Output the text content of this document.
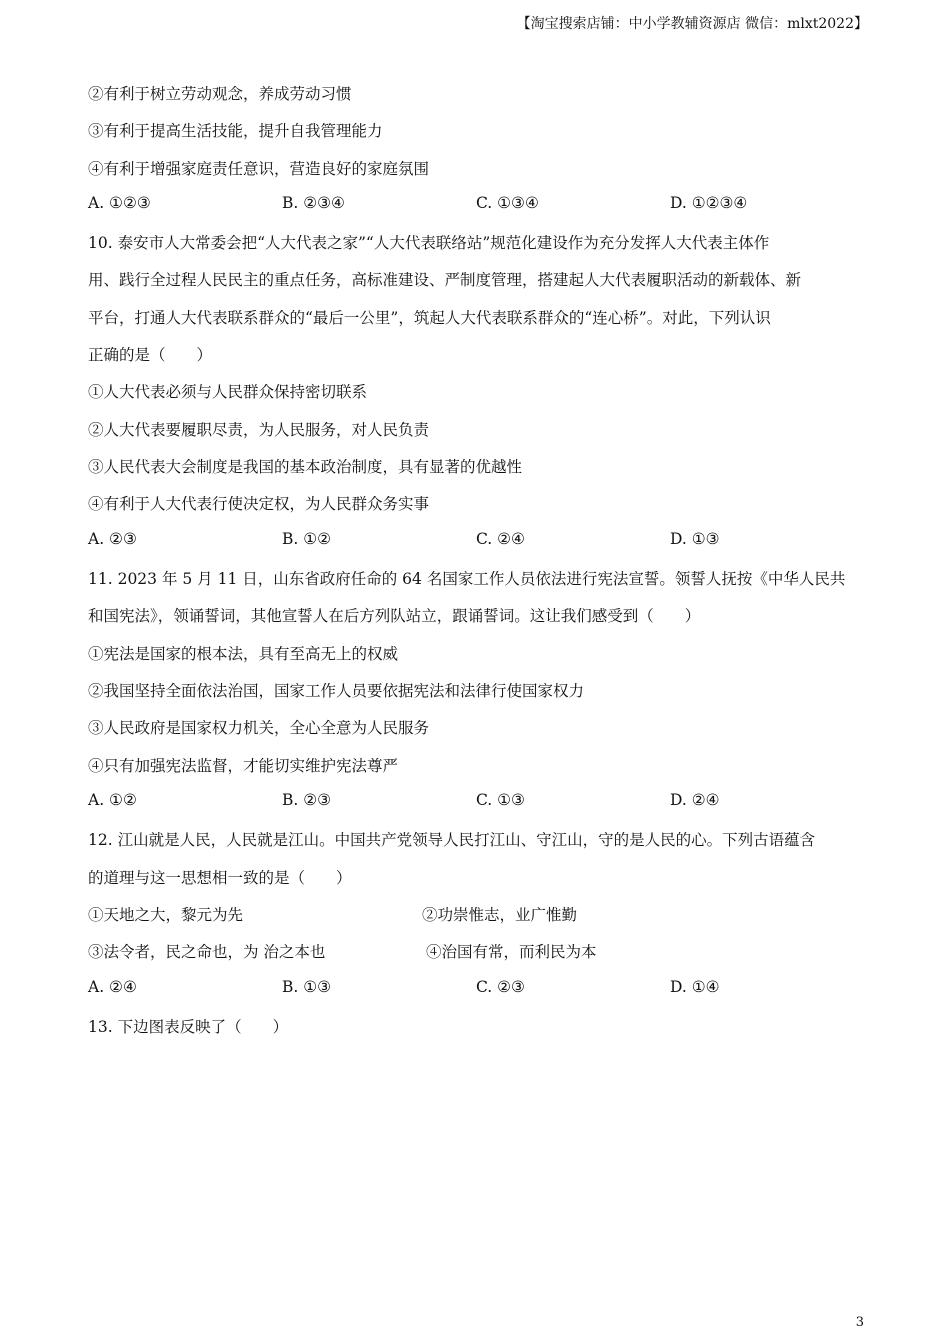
【淘宝搜索店铺：中小学教辅资源店 微信：mlxt2022】
②有利于树立劳动观念，养成劳动习惯
③有利于提高生活技能，提升自我管理能力
④有利于增强家庭责任意识，营造良好的家庭氛围
A. ①②③	B. ②③④	C. ①③④	D. ①②③④
10. 泰安市人大常委会把“人大代表之家”“人大代表联络站”规范化建设作为充分发挥人大代表主体作
用、践行全过程人民民主的重点任务，高标准建设、严制度管理，搭建起人大代表履职活动的新载体、新
平台，打通人大代表联系群众的“最后一公里”，筑起人大代表联系群众的“连心桥”。对此，下列认识
正确的是（　　）
①人大代表必须与人民群众保持密切联系
②人大代表要履职尽责，为人民服务，对人民负责
③人民代表大会制度是我国的基本政治制度，具有显著的优越性
④有利于人大代表行使决定权，为人民群众务实事
A. ②③	B. ①②	C. ②④	D. ①③
11. 2023 年 5 月 11 日，山东省政府任命的 64 名国家工作人员依法进行宪法宣誓。领誓人抚按《中华人民共
和国宪法》，领诵誓词，其他宣誓人在后方列队站立，跟诵誓词。这让我们感受到（　　）
①宪法是国家的根本法，具有至高无上的权威
②我国坚持全面依法治国，国家工作人员要依据宪法和法律行使国家权力
③人民政府是国家权力机关，全心全意为人民服务
④只有加强宪法监督，才能切实维护宪法尊严
A. ①②	B. ②③	C. ①③	D. ②④
12. 江山就是人民，人民就是江山。中国共产党领导人民打江山、守江山，守的是人民的心。下列古语蕴含
的道理与这一思想相一致的是（　　）
①天地之大，黎元为先	②功崇惟志，业广惟勤
③法令者，民之命也，为 治之本也	④治国有常，而利民为本
A. ②④	B. ①③	C. ②③	D. ①④
13. 下边图表反映了（　　）
3
